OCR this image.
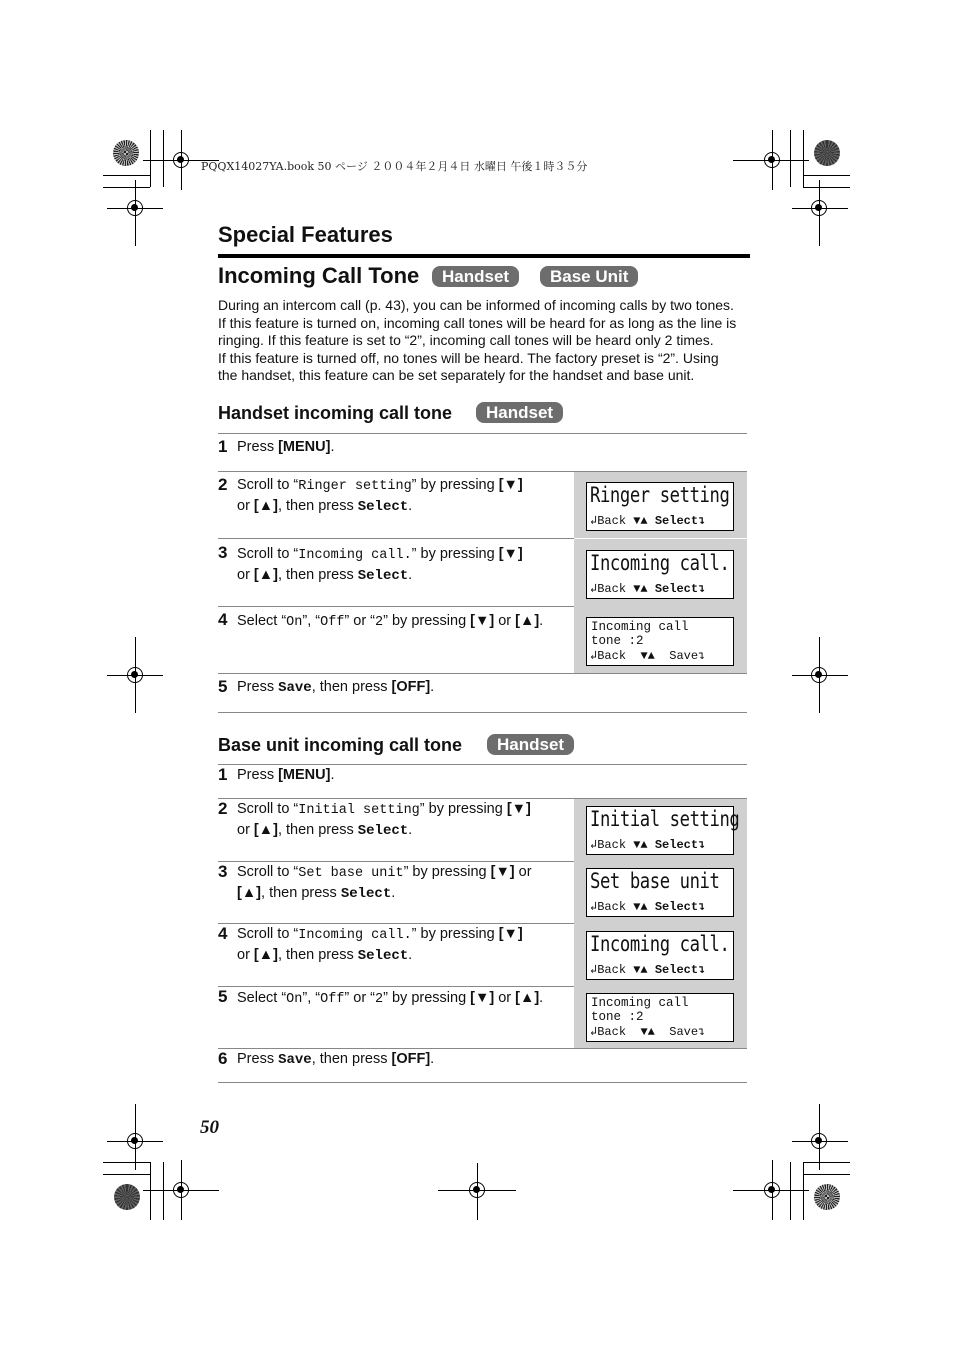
PQQX14027YA.book 50 ページ ２００４年２月４日 水曜日 午後１時３５分
Special Features
Incoming Call Tone	Handset	Base Unit
During an intercom call (p. 43), you can be informed of incoming calls by two tones.
If this feature is turned on, incoming call tones will be heard for as long as the line is
ringing. If this feature is set to “2”, incoming call tones will be heard only 2 times.
If this feature is turned off, no tones will be heard. The factory preset is “2”. Using
the handset, this feature can be set separately for the handset and base unit.
Handset incoming call tone	Handset
1 Press [MENU].
2 Scroll to “Ringer setting” by pressing [▼]
or [▲], then press Select.	Ringer setting
↲Back ▼▲ Select↴
3 Scroll to “Incoming call.” by pressing [▼]
or [▲], then press Select.	Incoming call.
↲Back ▼▲ Select↴
4 Select “On”, “Off” or “2” by pressing [▼] or [▲].	Incoming call
tone :2
↲Back ▼▲ Save↴
5 Press Save, then press [OFF].
Base unit incoming call tone	Handset
1 Press [MENU].
2 Scroll to “Initial setting” by pressing [▼]
or [▲], then press Select.	Initial setting
↲Back ▼▲ Select↴
3 Scroll to “Set base unit” by pressing [▼] or
[▲], then press Select.	Set base unit
↲Back ▼▲ Select↴
4 Scroll to “Incoming call.” by pressing [▼]
or [▲], then press Select.	Incoming call.
↲Back ▼▲ Select↴
5 Select “On”, “Off” or “2” by pressing [▼] or [▲].	Incoming call
tone :2
↲Back ▼▲ Save↴
6 Press Save, then press [OFF].
50
